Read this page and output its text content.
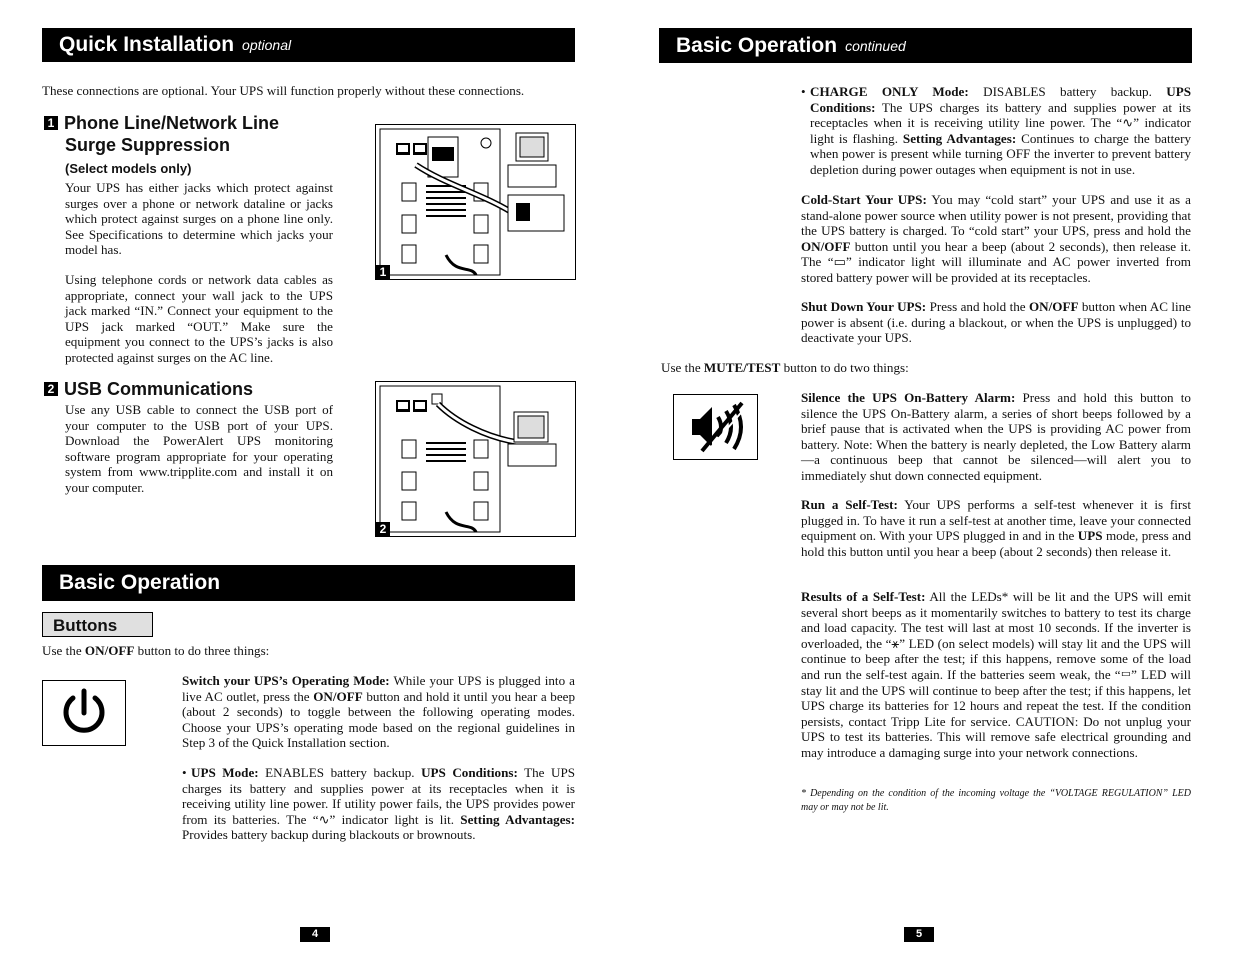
Quick Installation optional
These connections are optional. Your UPS will function properly without these connections.
1 Phone Line/Network Line
Surge Suppression
(Select models only)
Your UPS has either jacks which protect against surges over a phone or network dataline or jacks which protect against surges on a phone line only. See Specifications to determine which jacks your model has.
Using telephone cords or network data cables as appropriate, connect your wall jack to the UPS jack marked “IN.” Connect your equipment to the UPS jack marked “OUT.” Make sure the equipment you connect to the UPS’s jacks is also protected against surges on the AC line.
1
2 USB Communications
Use any USB cable to connect the USB port of your computer to the USB port of your UPS. Download the PowerAlert UPS monitoring software program appropriate for your operating system from www.tripplite.com and install it on your computer.
2
Basic Operation
Buttons
Use the ON/OFF button to do three things:
Switch your UPS’s Operating Mode: While your UPS is plugged into a live AC outlet, press the ON/OFF button and hold it until you hear a beep (about 2 seconds) to toggle between the following operating modes. Choose your UPS’s operating mode based on the regional guidelines in Step 3 of the Quick Installation section.
• UPS Mode: ENABLES battery backup. UPS Conditions: The UPS charges its battery and supplies power at its receptacles when it is receiving utility line power. If utility power fails, the UPS provides power from its batteries. The “∿” indicator light is lit. Setting Advantages: Provides battery backup during blackouts or brownouts.
4
Basic Operation continued
• CHARGE ONLY Mode: DISABLES battery backup. UPS Conditions: The UPS charges its battery and supplies power at its receptacles when it is receiving utility line power. The “∿” indicator light is flashing. Setting Advantages: Continues to charge the battery when power is present while turning OFF the inverter to prevent battery depletion during power outages when equipment is not in use.
Cold-Start Your UPS: You may “cold start” your UPS and use it as a stand-alone power source when utility power is not present, providing that the UPS battery is charged. To “cold start” your UPS, press and hold the ON/OFF button until you hear a beep (about 2 seconds), then release it. The “▭” indicator light will illuminate and AC power inverted from stored battery power will be provided at its receptacles.
Shut Down Your UPS: Press and hold the ON/OFF button when AC line power is absent (i.e. during a blackout, or when the UPS is unplugged) to deactivate your UPS.
Use the MUTE/TEST button to do two things:
Silence the UPS On-Battery Alarm: Press and hold this button to silence the UPS On-Battery alarm, a series of short beeps followed by a brief pause that is activated when the UPS is providing AC power from battery. Note: When the battery is nearly depleted, the Low Battery alarm—a continuous beep that cannot be silenced—will alert you to immediately shut down connected equipment.
Run a Self-Test: Your UPS performs a self-test whenever it is first plugged in. To have it run a self-test at another time, leave your connected equipment on. With your UPS plugged in and in the UPS mode, press and hold this button until you hear a beep (about 2 seconds) then release it.
Results of a Self-Test: All the LEDs* will be lit and the UPS will emit several short beeps as it momentarily switches to battery to test its charge and load capacity. The test will last at most 10 seconds. If the inverter is overloaded, the “⚹” LED (on select models) will stay lit and the UPS will continue to beep after the test; if this happens, remove some of the load and run the self-test again. If the batteries seem weak, the “▭” LED will stay lit and the UPS will continue to beep after the test; if this happens, let UPS charge its batteries for 12 hours and repeat the test. If the condition persists, contact Tripp Lite for service. CAUTION: Do not unplug your UPS to test its batteries. This will remove safe electrical grounding and may introduce a damaging surge into your network connections.
* Depending on the condition of the incoming voltage the “VOLTAGE REGULATION” LED may or may not be lit.
5
